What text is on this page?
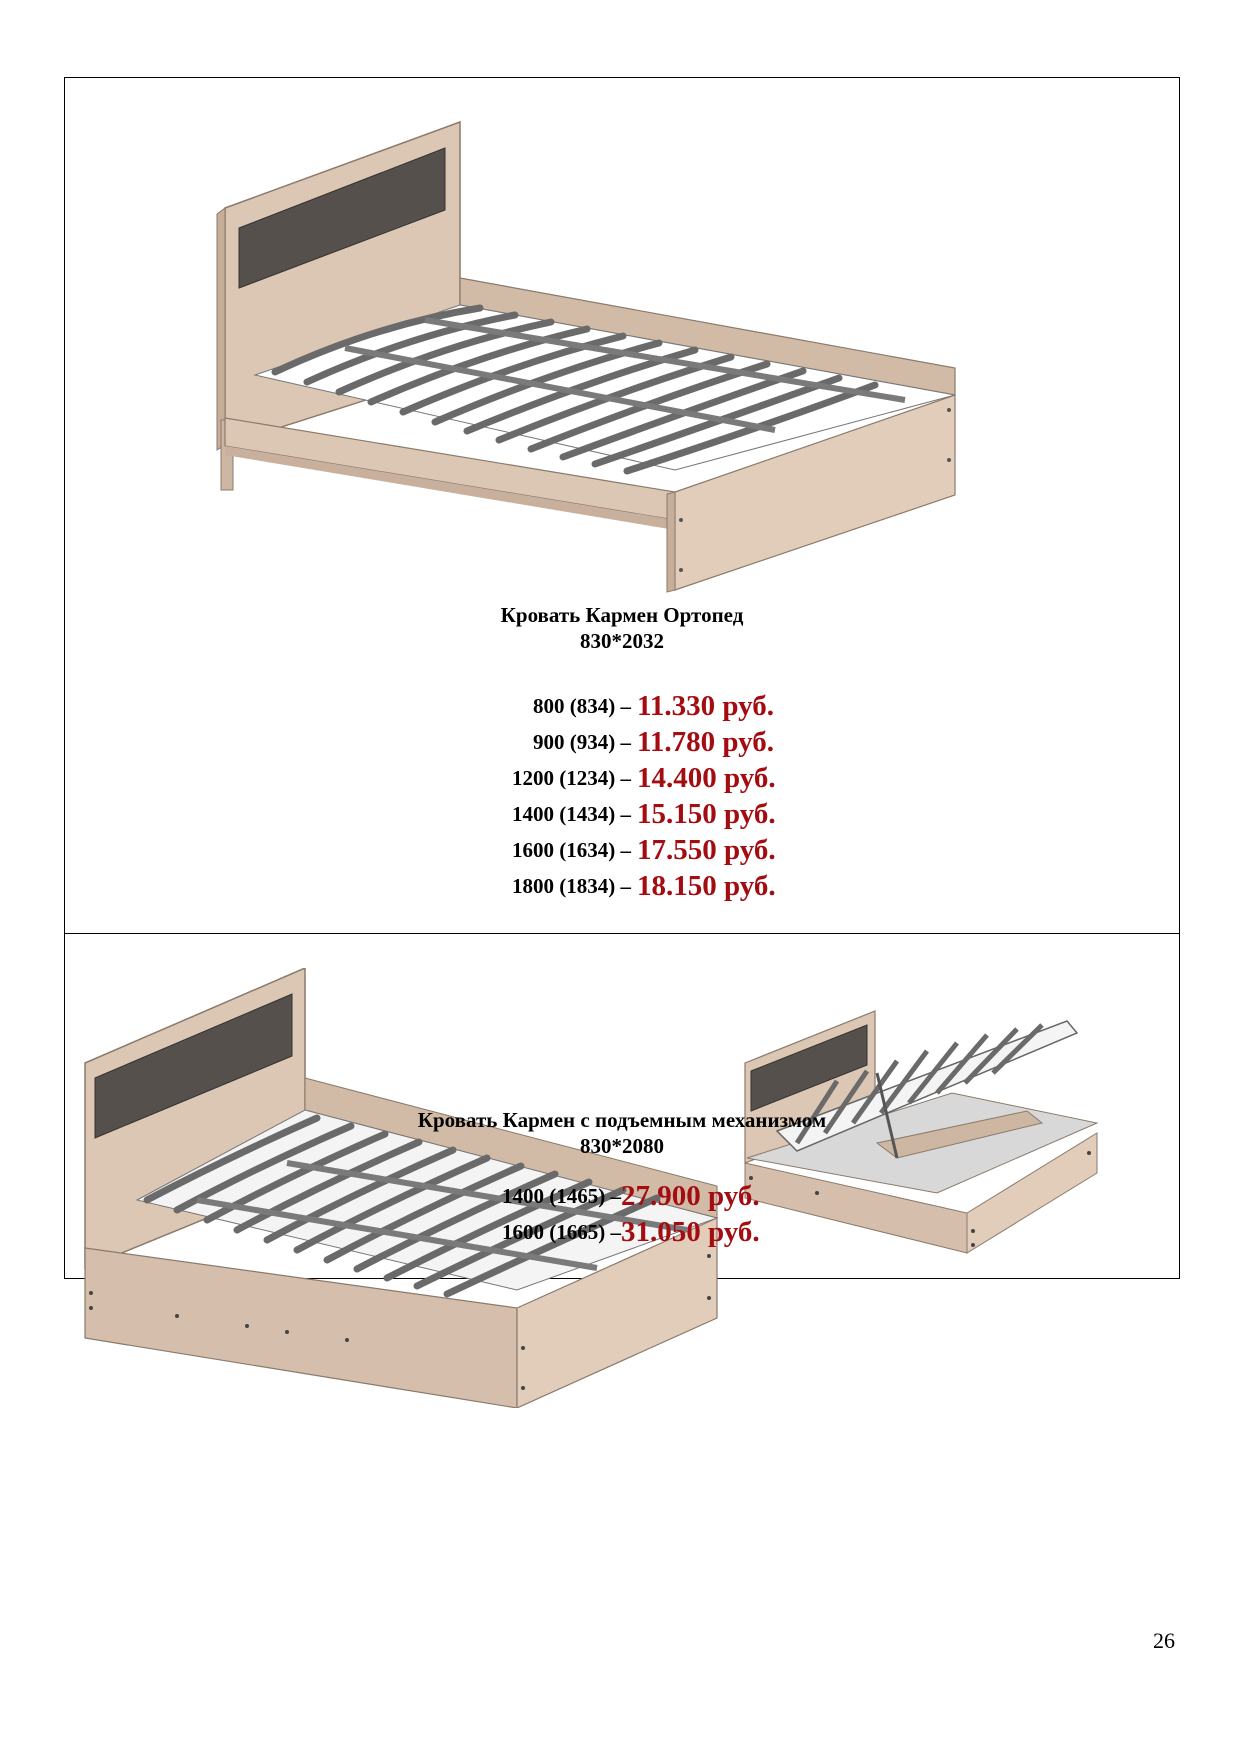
Кровать Кармен Ортопед
830*2032
800 (834) – 11.330 руб.
900 (934) – 11.780 руб.
1200 (1234) – 14.400 руб.
1400 (1434) – 15.150 руб.
1600 (1634) – 17.550 руб.
1800 (1834) – 18.150 руб.
Кровать Кармен с подъемным механизмом
830*2080
1400 (1465) – 27.900 руб.
1600 (1665) – 31.050 руб.
26
